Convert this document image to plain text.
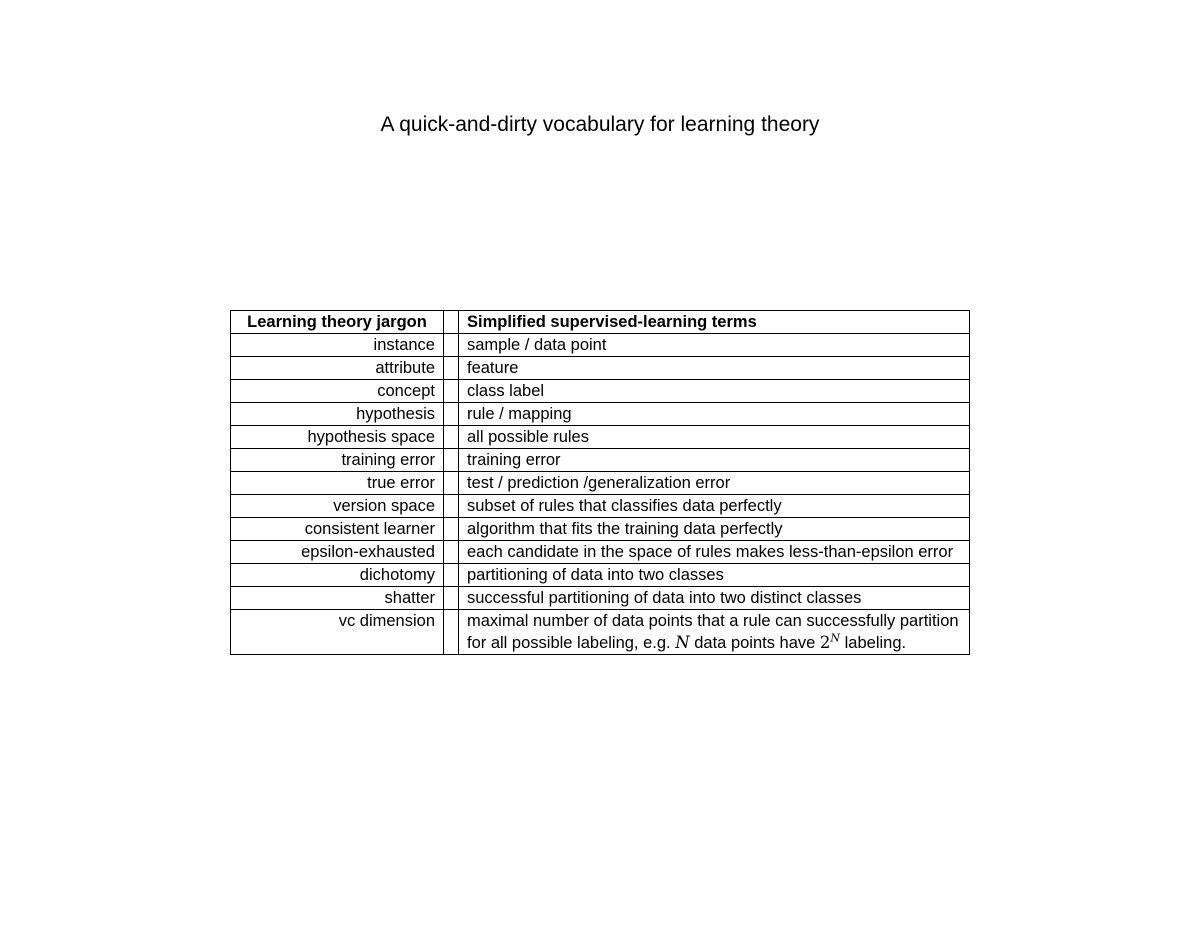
A quick-and-dirty vocabulary for learning theory
Learning theory jargon		Simplified supervised-learning terms
instance		sample / data point
attribute		feature
concept		class label
hypothesis		rule / mapping
hypothesis space		all possible rules
training error		training error
true error		test / prediction /generalization error
version space		subset of rules that classifies data perfectly
consistent learner		algorithm that fits the training data perfectly
epsilon-exhausted		each candidate in the space of rules makes less-than-epsilon error
dichotomy		partitioning of data into two classes
shatter		successful partitioning of data into two distinct classes
vc dimension		maximal number of data points that a rule can successfully partition
for all possible labeling, e.g. N data points have $2^N$ labeling.
